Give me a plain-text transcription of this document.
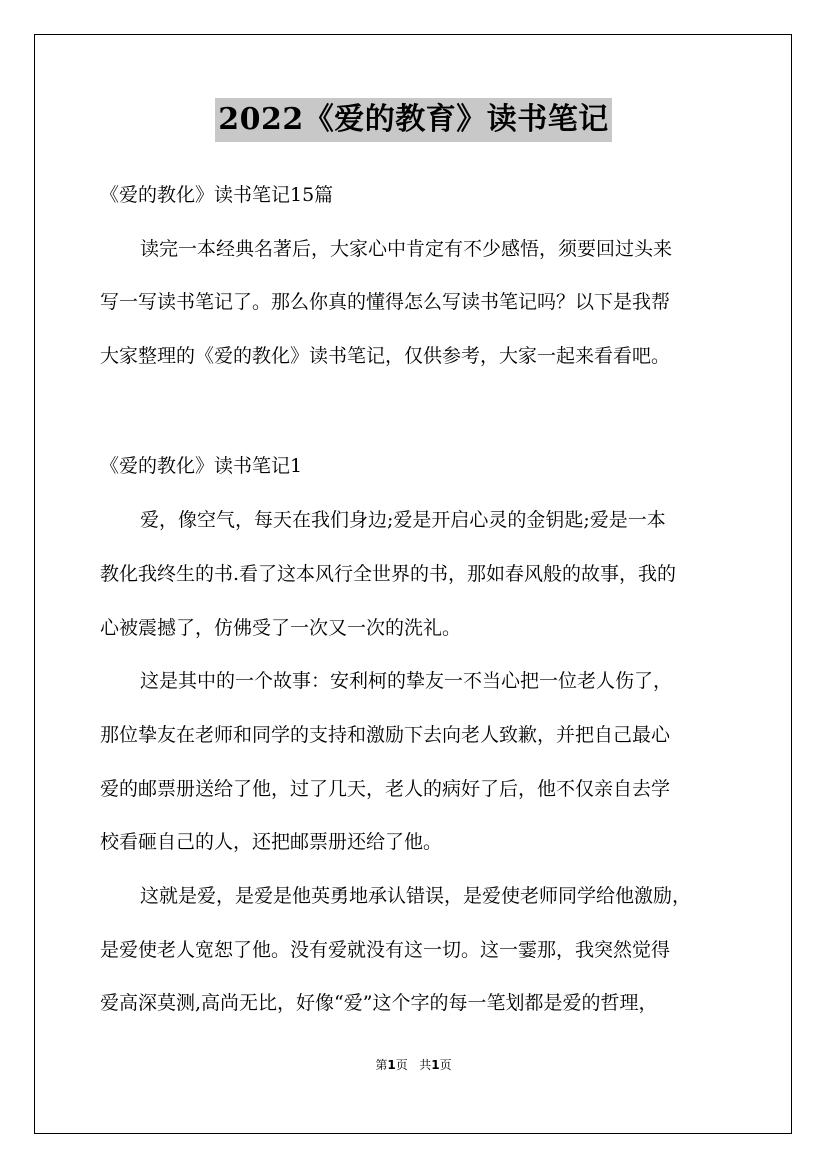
2022《爱的教育》读书笔记
《爱的教化》读书笔记15篇
读完一本经典名著后，大家心中肯定有不少感悟，须要回过头来
写一写读书笔记了。那么你真的懂得怎么写读书笔记吗？以下是我帮
大家整理的《爱的教化》读书笔记，仅供参考，大家一起来看看吧。
《爱的教化》读书笔记1
爱，像空气，每天在我们身边;爱是开启心灵的金钥匙;爱是一本
教化我终生的书.看了这本风行全世界的书，那如春风般的故事，我的
心被震撼了，仿佛受了一次又一次的洗礼。
这是其中的一个故事：安利柯的挚友一不当心把一位老人伤了，
那位挚友在老师和同学的支持和激励下去向老人致歉，并把自己最心
爱的邮票册送给了他，过了几天，老人的病好了后，他不仅亲自去学
校看砸自己的人，还把邮票册还给了他。
这就是爱，是爱是他英勇地承认错误，是爱使老师同学给他激励，
是爱使老人宽恕了他。没有爱就没有这一切。这一霎那，我突然觉得
爱高深莫测,高尚无比，好像“爱”这个字的每一笔划都是爱的哲理，
第1页 共1页
